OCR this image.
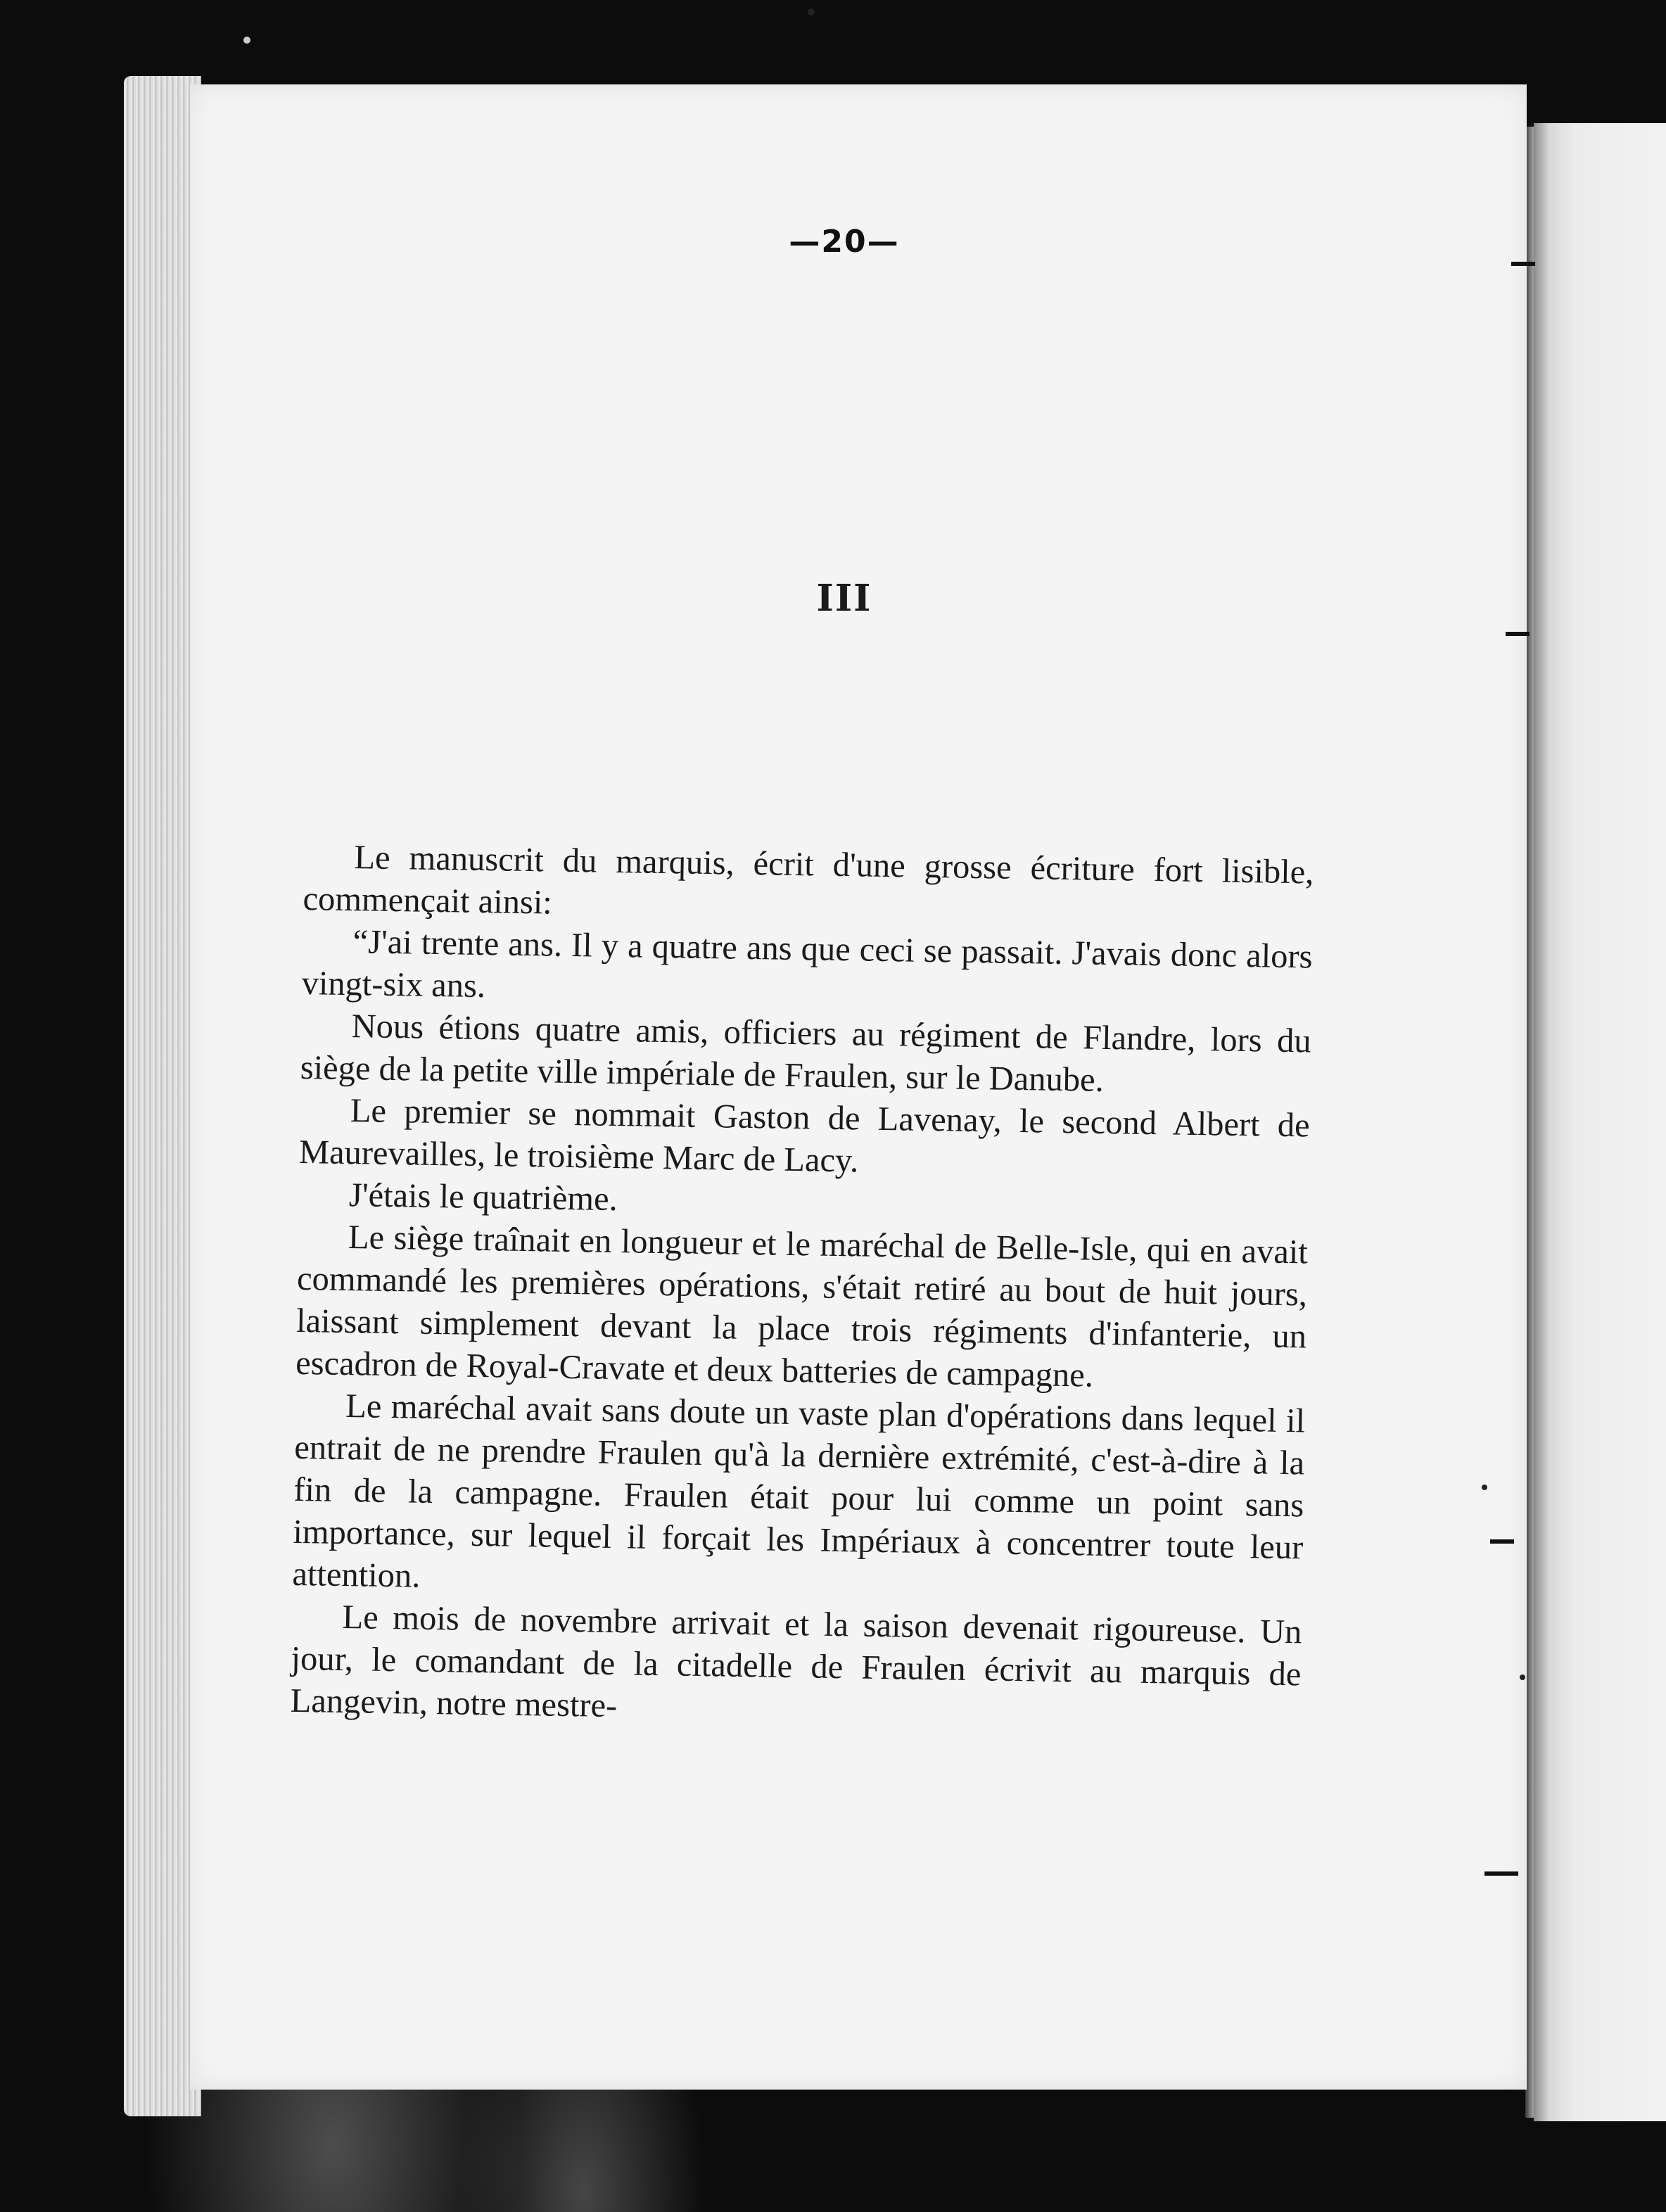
—20—
III

Le manuscrit du marquis, écrit d'une grosse écriture fort lisible, commençait ainsi:

“J'ai trente ans. Il y a quatre ans que ceci se passait. J'avais donc alors vingt-six ans.

Nous étions quatre amis, officiers au régiment de Flandre, lors du siège de la petite ville impériale de Fraulen, sur le Danube.

Le premier se nommait Gaston de Lavenay, le second Albert de Maurevailles, le troisième Marc de Lacy.

J'étais le quatrième.

Le siège traînait en longueur et le maréchal de Belle-Isle, qui en avait commandé les premières opérations, s'était retiré au bout de huit jours, laissant simplement devant la place trois régiments d'infanterie, un escadron de Royal-Cravate et deux batteries de campagne.

Le maréchal avait sans doute un vaste plan d'opérations dans lequel il entrait de ne prendre Fraulen qu'à la dernière extrémité, c'est-à-dire à la fin de la campagne. Fraulen était pour lui comme un point sans importance, sur lequel il forçait les Impériaux à concentrer toute leur attention.

Le mois de novembre arrivait et la saison devenait rigoureuse. Un jour, le comandant de la citadelle de Fraulen écrivit au marquis de Langevin, notre mestre-
